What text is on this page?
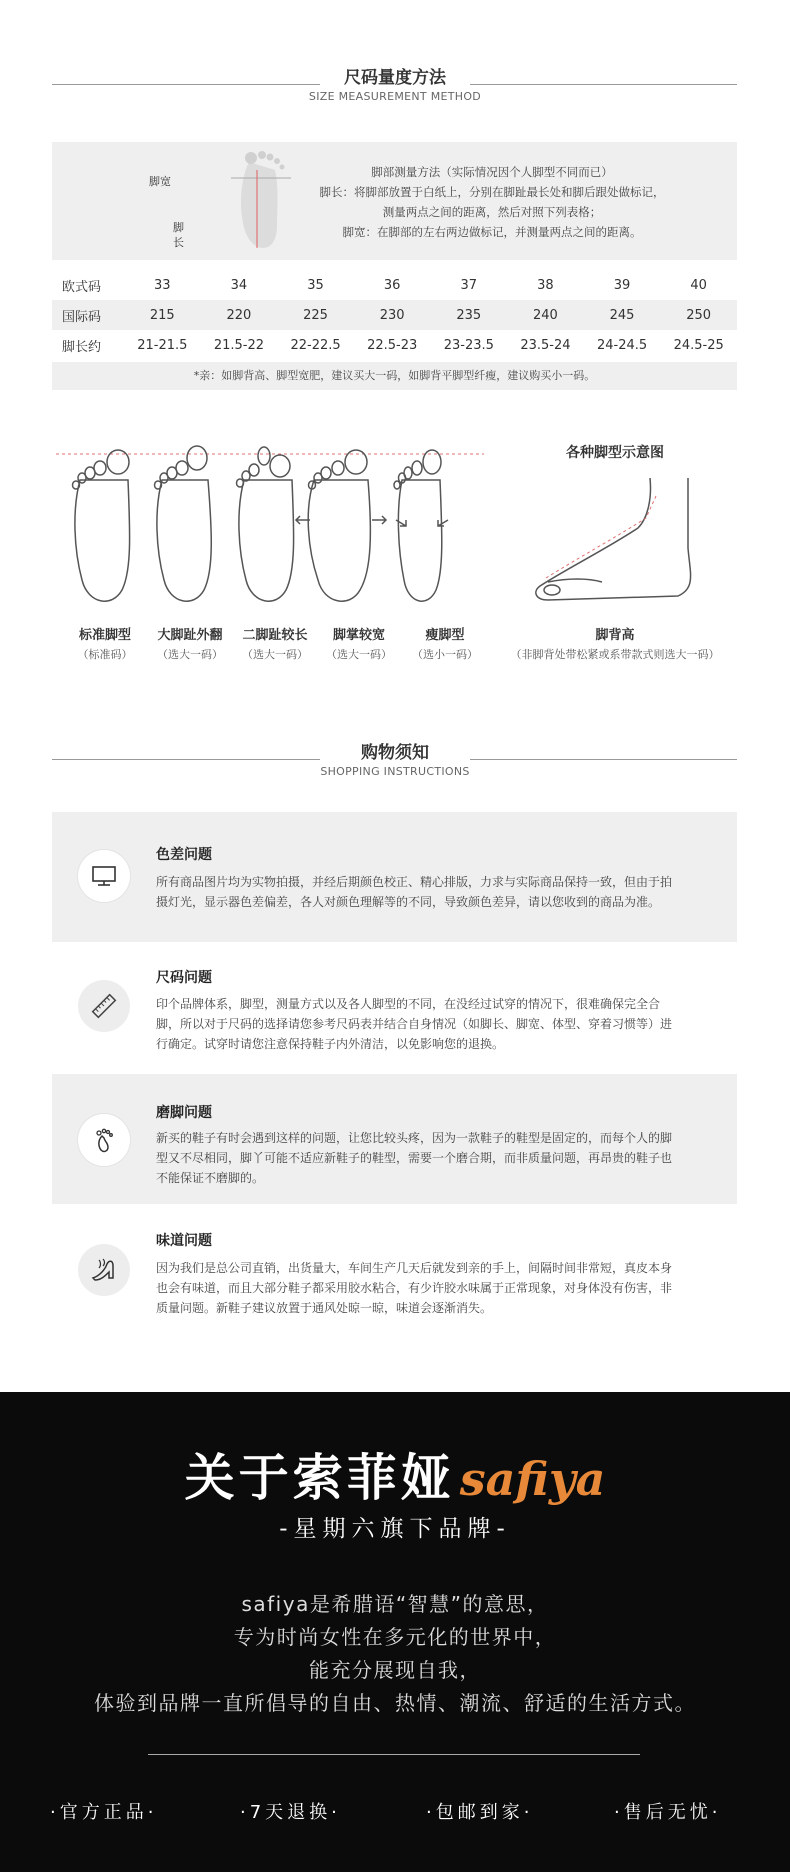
尺码量度方法
SIZE MEASUREMENT METHOD
脚宽
脚长
脚部测量方法（实际情况因个人脚型不同而已）
脚长：将脚部放置于白纸上，分别在脚趾最长处和脚后跟处做标记，
测量两点之间的距离，然后对照下列表格；
脚宽：在脚部的左右两边做标记，并测量两点之间的距离。
欧式码	33	34	35	36	37	38	39	40
国际码	215	220	225	230	235	240	245	250
脚长约	21-21.5	21.5-22	22-22.5	22.5-23	23-23.5	23.5-24	24-24.5	24.5-25
*亲：如脚背高、脚型宽肥，建议买大一码，如脚背平脚型纤瘦，建议购买小一码。
标准脚型
（标准码）
大脚趾外翻
（选大一码）
二脚趾较长
（选大一码）
脚掌较宽
（选大一码）
瘦脚型
（选小一码）
各种脚型示意图
脚背高
（非脚背处带松紧或系带款式则选大一码）
购物须知
SHOPPING INSTRUCTIONS
色差问题
所有商品图片均为实物拍摄，并经后期颜色校正、精心排版，力求与实际商品保持一致，但由于拍
摄灯光，显示器色差偏差，各人对颜色理解等的不同，导致颜色差异，请以您收到的商品为准。
尺码问题
印个品牌体系，脚型，测量方式以及各人脚型的不同，在没经过试穿的情况下，很难确保完全合
脚，所以对于尺码的选择请您参考尺码表并结合自身情况（如脚长、脚宽、体型、穿着习惯等）进
行确定。试穿时请您注意保持鞋子内外清洁，以免影响您的退换。
磨脚问题
新买的鞋子有时会遇到这样的问题，让您比较头疼，因为一款鞋子的鞋型是固定的，而每个人的脚
型又不尽相同，脚丫可能不适应新鞋子的鞋型，需要一个磨合期，而非质量问题，再昂贵的鞋子也
不能保证不磨脚的。
味道问题
因为我们是总公司直销，出货量大，车间生产几天后就发到亲的手上，间隔时间非常短，真皮本身
也会有味道，而且大部分鞋子都采用胶水粘合，有少许胶水味属于正常现象，对身体没有伤害，非
质量问题。新鞋子建议放置于通风处晾一晾，味道会逐渐消失。
关于索菲娅 safiya
-星期六旗下品牌-
safiya是希腊语“智慧”的意思，
专为时尚女性在多元化的世界中，
能充分展现自我，
体验到品牌一直所倡导的自由、热情、潮流、舒适的生活方式。
·官方正品·	·7天退换·	·包邮到家·	·售后无忧·
